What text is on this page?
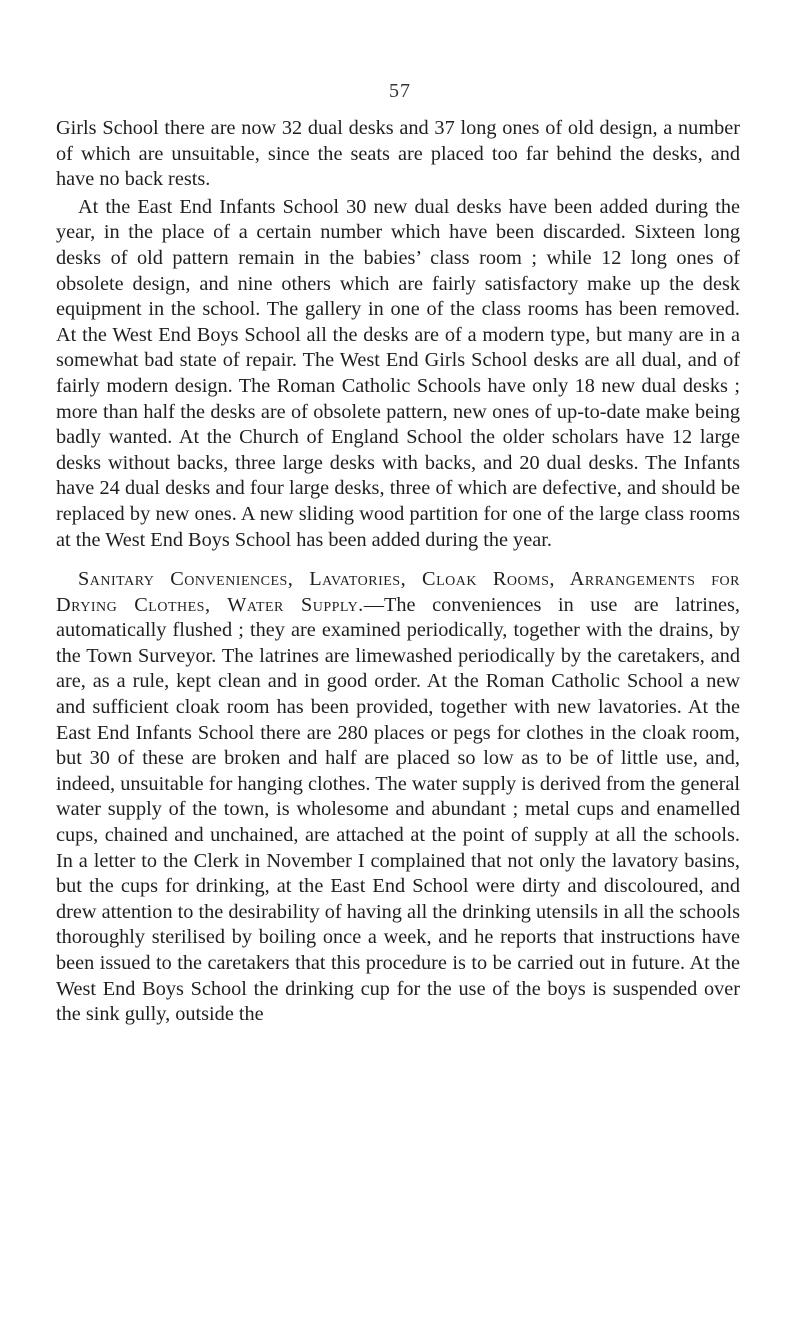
57

Girls School there are now 32 dual desks and 37 long ones of old design, a number of which are unsuitable, since the seats are placed too far behind the desks, and have no back rests.

At the East End Infants School 30 new dual desks have been added during the year, in the place of a certain number which have been discarded. Sixteen long desks of old pattern remain in the babies’ class room ; while 12 long ones of obsolete design, and nine others which are fairly satisfactory make up the desk equipment in the school. The gallery in one of the class rooms has been removed. At the West End Boys School all the desks are of a modern type, but many are in a somewhat bad state of repair. The West End Girls School desks are all dual, and of fairly modern design. The Roman Catholic Schools have only 18 new dual desks ; more than half the desks are of obsolete pattern, new ones of up-to-date make being badly wanted. At the Church of England School the older scholars have 12 large desks without backs, three large desks with backs, and 20 dual desks. The Infants have 24 dual desks and four large desks, three of which are defective, and should be replaced by new ones. A new sliding wood partition for one of the large class rooms at the West End Boys School has been added during the year.

Sanitary Conveniences, Lavatories, Cloak Rooms, Arrangements for Drying Clothes, Water Supply.—The conveniences in use are latrines, automatically flushed ; they are examined periodically, together with the drains, by the Town Surveyor. The latrines are limewashed periodically by the caretakers, and are, as a rule, kept clean and in good order. At the Roman Catholic School a new and sufficient cloak room has been provided, together with new lavatories. At the East End Infants School there are 280 places or pegs for clothes in the cloak room, but 30 of these are broken and half are placed so low as to be of little use, and, indeed, unsuitable for hanging clothes. The water supply is derived from the general water supply of the town, is wholesome and abundant ; metal cups and enamelled cups, chained and unchained, are attached at the point of supply at all the schools. In a letter to the Clerk in November I complained that not only the lavatory basins, but the cups for drinking, at the East End School were dirty and discoloured, and drew attention to the desirability of having all the drinking utensils in all the schools thoroughly sterilised by boiling once a week, and he reports that instructions have been issued to the caretakers that this procedure is to be carried out in future. At the West End Boys School the drinking cup for the use of the boys is suspended over the sink gully, outside the
